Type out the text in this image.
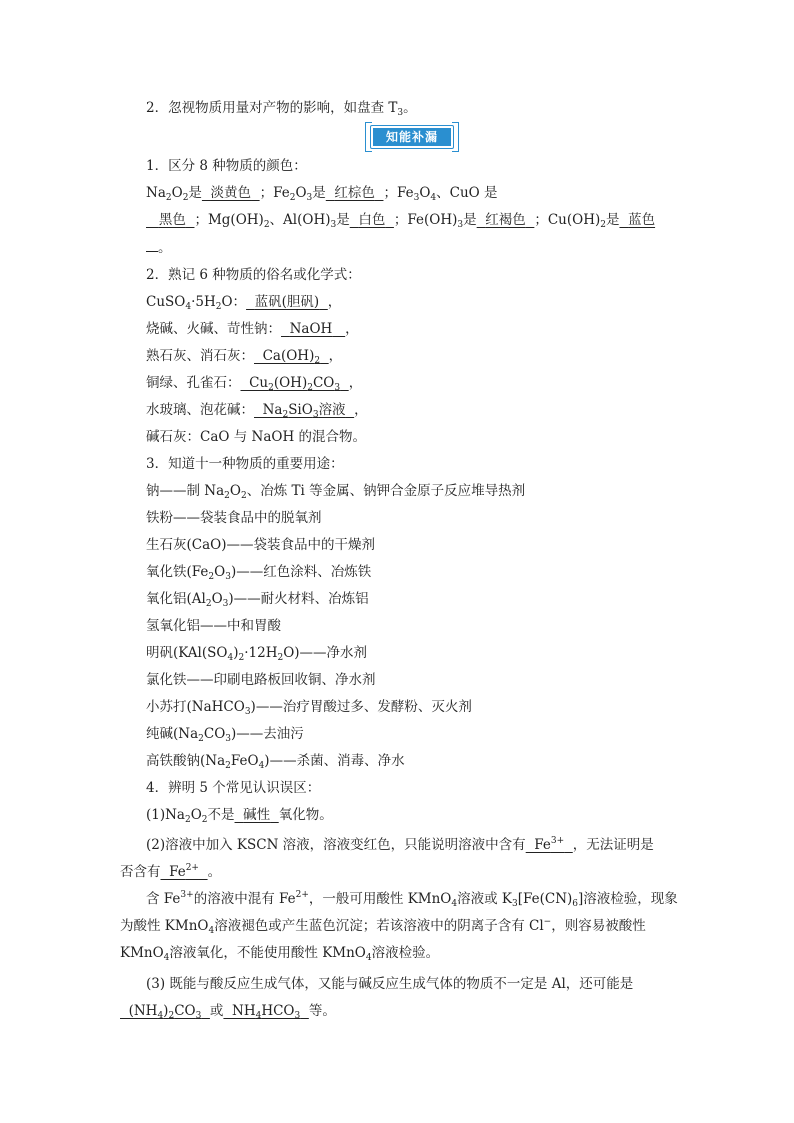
2．忽视物质用量对产物的影响，如盘查 $T_3$。
知能补漏
1．区分 8 种物质的颜色：
$Na_2O_2$是 淡黄色 ；$Fe_2O_3$是 红棕色 ；$Fe_3O_4$、CuO 是
黑色 ；$Mg(OH)_2$、$Al(OH)_3$是 白色 ；$Fe(OH)_3$是 红褐色 ；$Cu(OH)_2$是 蓝色
。
2．熟记 6 种物质的俗名或化学式：
$CuSO_4\cdot 5H_2O$： 蓝矾(胆矾) ，
烧碱、火碱、苛性钠： NaOH ，
熟石灰、消石灰：  $Ca(OH)_2$ ，
铜绿、孔雀石：  $Cu_2(OH)_2CO_3$ ，
水玻璃、泡花碱：  $Na_2SiO_3$溶液 ，
碱石灰：CaO 与 NaOH 的混合物。
3．知道十一种物质的重要用途：
钠——制 $Na_2O_2$、冶炼 Ti 等金属、钠钾合金原子反应堆导热剂
铁粉——袋装食品中的脱氧剂
生石灰(CaO)——袋装食品中的干燥剂
氧化铁$(Fe_2O_3)——$红色涂料、冶炼铁
氧化铝$(Al_2O_3)——$耐火材料、冶炼铝
氢氧化铝——中和胃酸
明矾$(KAl(SO_4)_2\cdot 12H_2O)——$净水剂
氯化铁——印刷电路板回收铜、净水剂
小苏打(NaHCO$_3$)——治疗胃酸过多、发酵粉、灭火剂
纯碱$(Na_2CO_3)——$去油污
高铁酸钠$(Na_2FeO_4)——$杀菌、消毒、净水
4．辨明 5 个常见认识误区：
$(1)Na_2O_2$不是 碱性 氧化物。
(2)溶液中加入 KSCN 溶液，溶液变红色，只能说明溶液中含有  $Fe^{3+}$ ，无法证明是
否含有  $Fe^{2+}$ 。
含 $Fe^{3+}$的溶液中混有 $Fe^{2+}$，一般可用酸性 KMnO$_4$溶液或 $K_3[Fe(CN)_6]$溶液检验，现象
为酸性 KMnO$_4$溶液褪色或产生蓝色沉淀；若该溶液中的阴离子含有 Cl−，则容易被酸性
KMnO$_4$溶液氧化，不能使用酸性 KMnO$_4$溶液检验。
(3) 既能与酸反应生成气体，又能与碱反应生成气体的物质不一定是 Al，还可能是
$(NH_4)_2CO_3$ 或  $NH_4HCO_3$ 等。
